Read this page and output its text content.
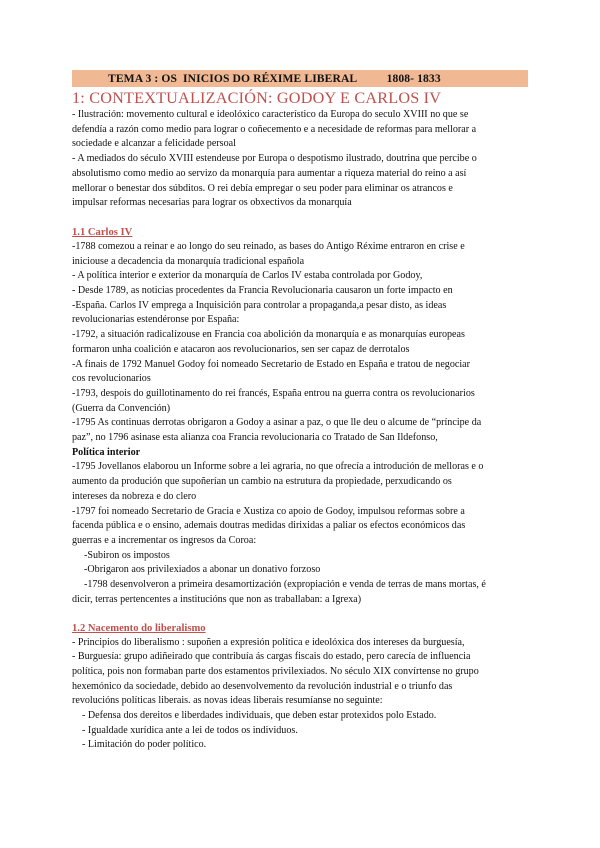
TEMA 3 : OS  INICIOS DO RÉXIME LIBERAL          1808- 1833
1: CONTEXTUALIZACIÓN: GODOY E CARLOS IV
- Ilustración: movemento cultural e ideolóxico característico da Europa do seculo XVIII no que se
defendía a razón como medio para lograr o coñecemento e a necesidade de reformas para mellorar a
sociedade e alcanzar a felicidade persoal
- A mediados do século XVIII estendeuse por Europa o despotismo ilustrado, doutrina que percibe o
absolutismo como medio ao servizo da monarquía para aumentar a riqueza material do reino a así
mellorar o benestar dos súbditos. O rei debía empregar o seu poder para eliminar os atrancos e
impulsar reformas necesarias para lograr os obxectivos da monarquía
1.1 Carlos IV
-1788 comezou a reinar e ao longo do seu reinado, as bases do Antigo Réxime entraron en crise e
iniciouse a decadencia da monarquía tradicional española
- A política interior e exterior da monarquía de Carlos IV estaba controlada por Godoy,
- Desde 1789, as noticias procedentes da Francia Revolucionaria causaron un forte impacto en
-España. Carlos IV emprega a Inquisición para controlar a propaganda,a pesar disto, as ideas
revolucionarias estendéronse por España:
-1792, a situación radicalízouse en Francia coa abolición da monarquía e as monarquías europeas
formaron unha coalición e atacaron aos revolucionarios, sen ser capaz de derrotalos
-A finais de 1792 Manuel Godoy foi nomeado Secretario de Estado en España e tratou de negociar
cos revolucionarios
-1793, despois do guillotinamento do rei francés, España entrou na guerra contra os revolucionarios
(Guerra da Convención)
-1795 As continuas derrotas obrigaron a Godoy a asinar a paz, o que lle deu o alcume de “príncipe da
paz”, no 1796 asinase esta alianza coa Francia revolucionaria co Tratado de San Ildefonso,
Política interior
-1795 Jovellanos elaborou un Informe sobre a lei agraria, no que ofrecía a introdución de melloras e o
aumento da produción que supoñerían un cambio na estrutura da propiedade, perxudicando os
intereses da nobreza e do clero
-1797 foi nomeado Secretario de Gracia e Xustiza co apoio de Godoy, impulsou reformas sobre a
facenda pública e o ensino, ademais doutras medidas dirixidas a paliar os efectos económicos das
guerras e a incrementar os ingresos da Coroa:
-Subiron os impostos
-Obrigaron aos privilexiados a abonar un donativo forzoso
-1798 desenvolveron a primeira desamortización (expropiación e venda de terras de mans mortas, é
dicir, terras pertencentes a institucións que non as traballaban: a Igrexa)
1.2 Nacemento do liberalismo
- Principios do liberalismo : supoñen a expresión política e ideolóxica dos intereses da burguesía,
- Burguesía: grupo adiñeirado que contribuía ás cargas fiscais do estado, pero carecía de influencia
política, pois non formaban parte dos estamentos privilexiados. No século XIX convírtense no grupo
hexemónico da sociedade, debido ao desenvolvemento da revolución industrial e o triunfo das
revolucións políticas liberais. as novas ideas liberais resumíanse no seguinte:
- Defensa dos dereitos e liberdades individuais, que deben estar protexidos polo Estado.
- Igualdade xurídica ante a lei de todos os individuos.
- Limitación do poder político.
